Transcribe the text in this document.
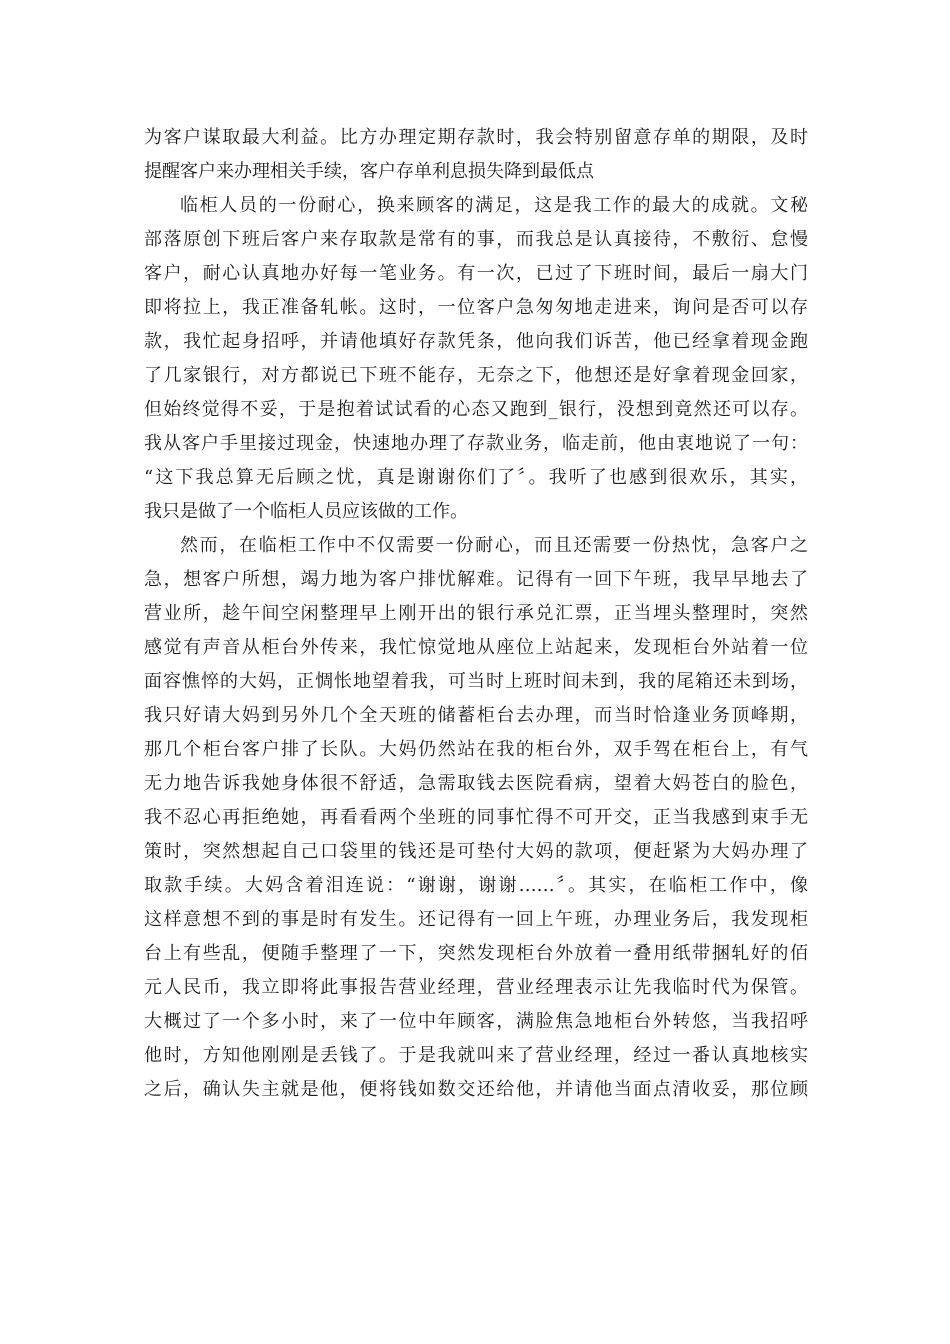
为客户谋取最大利益。比方办理定期存款时，我会特别留意存单的期限，及时
提醒客户来办理相关手续，客户存单利息损失降到最低点
临柜人员的一份耐心，换来顾客的满足，这是我工作的最大的成就。文秘
部落原创下班后客户来存取款是常有的事，而我总是认真接待，不敷衍、怠慢
客户，耐心认真地办好每一笔业务。有一次，已过了下班时间，最后一扇大门
即将拉上，我正准备轧帐。这时，一位客户急匆匆地走进来，询问是否可以存
款，我忙起身招呼，并请他填好存款凭条，他向我们诉苦，他已经拿着现金跑
了几家银行，对方都说已下班不能存，无奈之下，他想还是好拿着现金回家，
但始终觉得不妥，于是抱着试试看的心态又跑到_银行，没想到竟然还可以存。
我从客户手里接过现金，快速地办理了存款业务，临走前，他由衷地说了一句：
“这下我总算无后顾之忧，真是谢谢你们了〞。我听了也感到很欢乐，其实，
我只是做了一个临柜人员应该做的工作。
然而，在临柜工作中不仅需要一份耐心，而且还需要一份热忱，急客户之
急，想客户所想，竭力地为客户排忧解难。记得有一回下午班，我早早地去了
营业所，趁午间空闲整理早上刚开出的银行承兑汇票，正当埋头整理时，突然
感觉有声音从柜台外传来，我忙惊觉地从座位上站起来，发现柜台外站着一位
面容憔悴的大妈，正惆怅地望着我，可当时上班时间未到，我的尾箱还未到场，
我只好请大妈到另外几个全天班的储蓄柜台去办理，而当时恰逢业务顶峰期，
那几个柜台客户排了长队。大妈仍然站在我的柜台外，双手驾在柜台上，有气
无力地告诉我她身体很不舒适，急需取钱去医院看病，望着大妈苍白的脸色，
我不忍心再拒绝她，再看看两个坐班的同事忙得不可开交，正当我感到束手无
策时，突然想起自己口袋里的钱还是可垫付大妈的款项，便赶紧为大妈办理了
取款手续。大妈含着泪连说：“谢谢，谢谢……〞。其实，在临柜工作中，像
这样意想不到的事是时有发生。还记得有一回上午班，办理业务后，我发现柜
台上有些乱，便随手整理了一下，突然发现柜台外放着一叠用纸带捆轧好的佰
元人民币，我立即将此事报告营业经理，营业经理表示让先我临时代为保管。
大概过了一个多小时，来了一位中年顾客，满脸焦急地柜台外转悠，当我招呼
他时，方知他刚刚是丢钱了。于是我就叫来了营业经理，经过一番认真地核实
之后，确认失主就是他，便将钱如数交还给他，并请他当面点清收妥，那位顾
